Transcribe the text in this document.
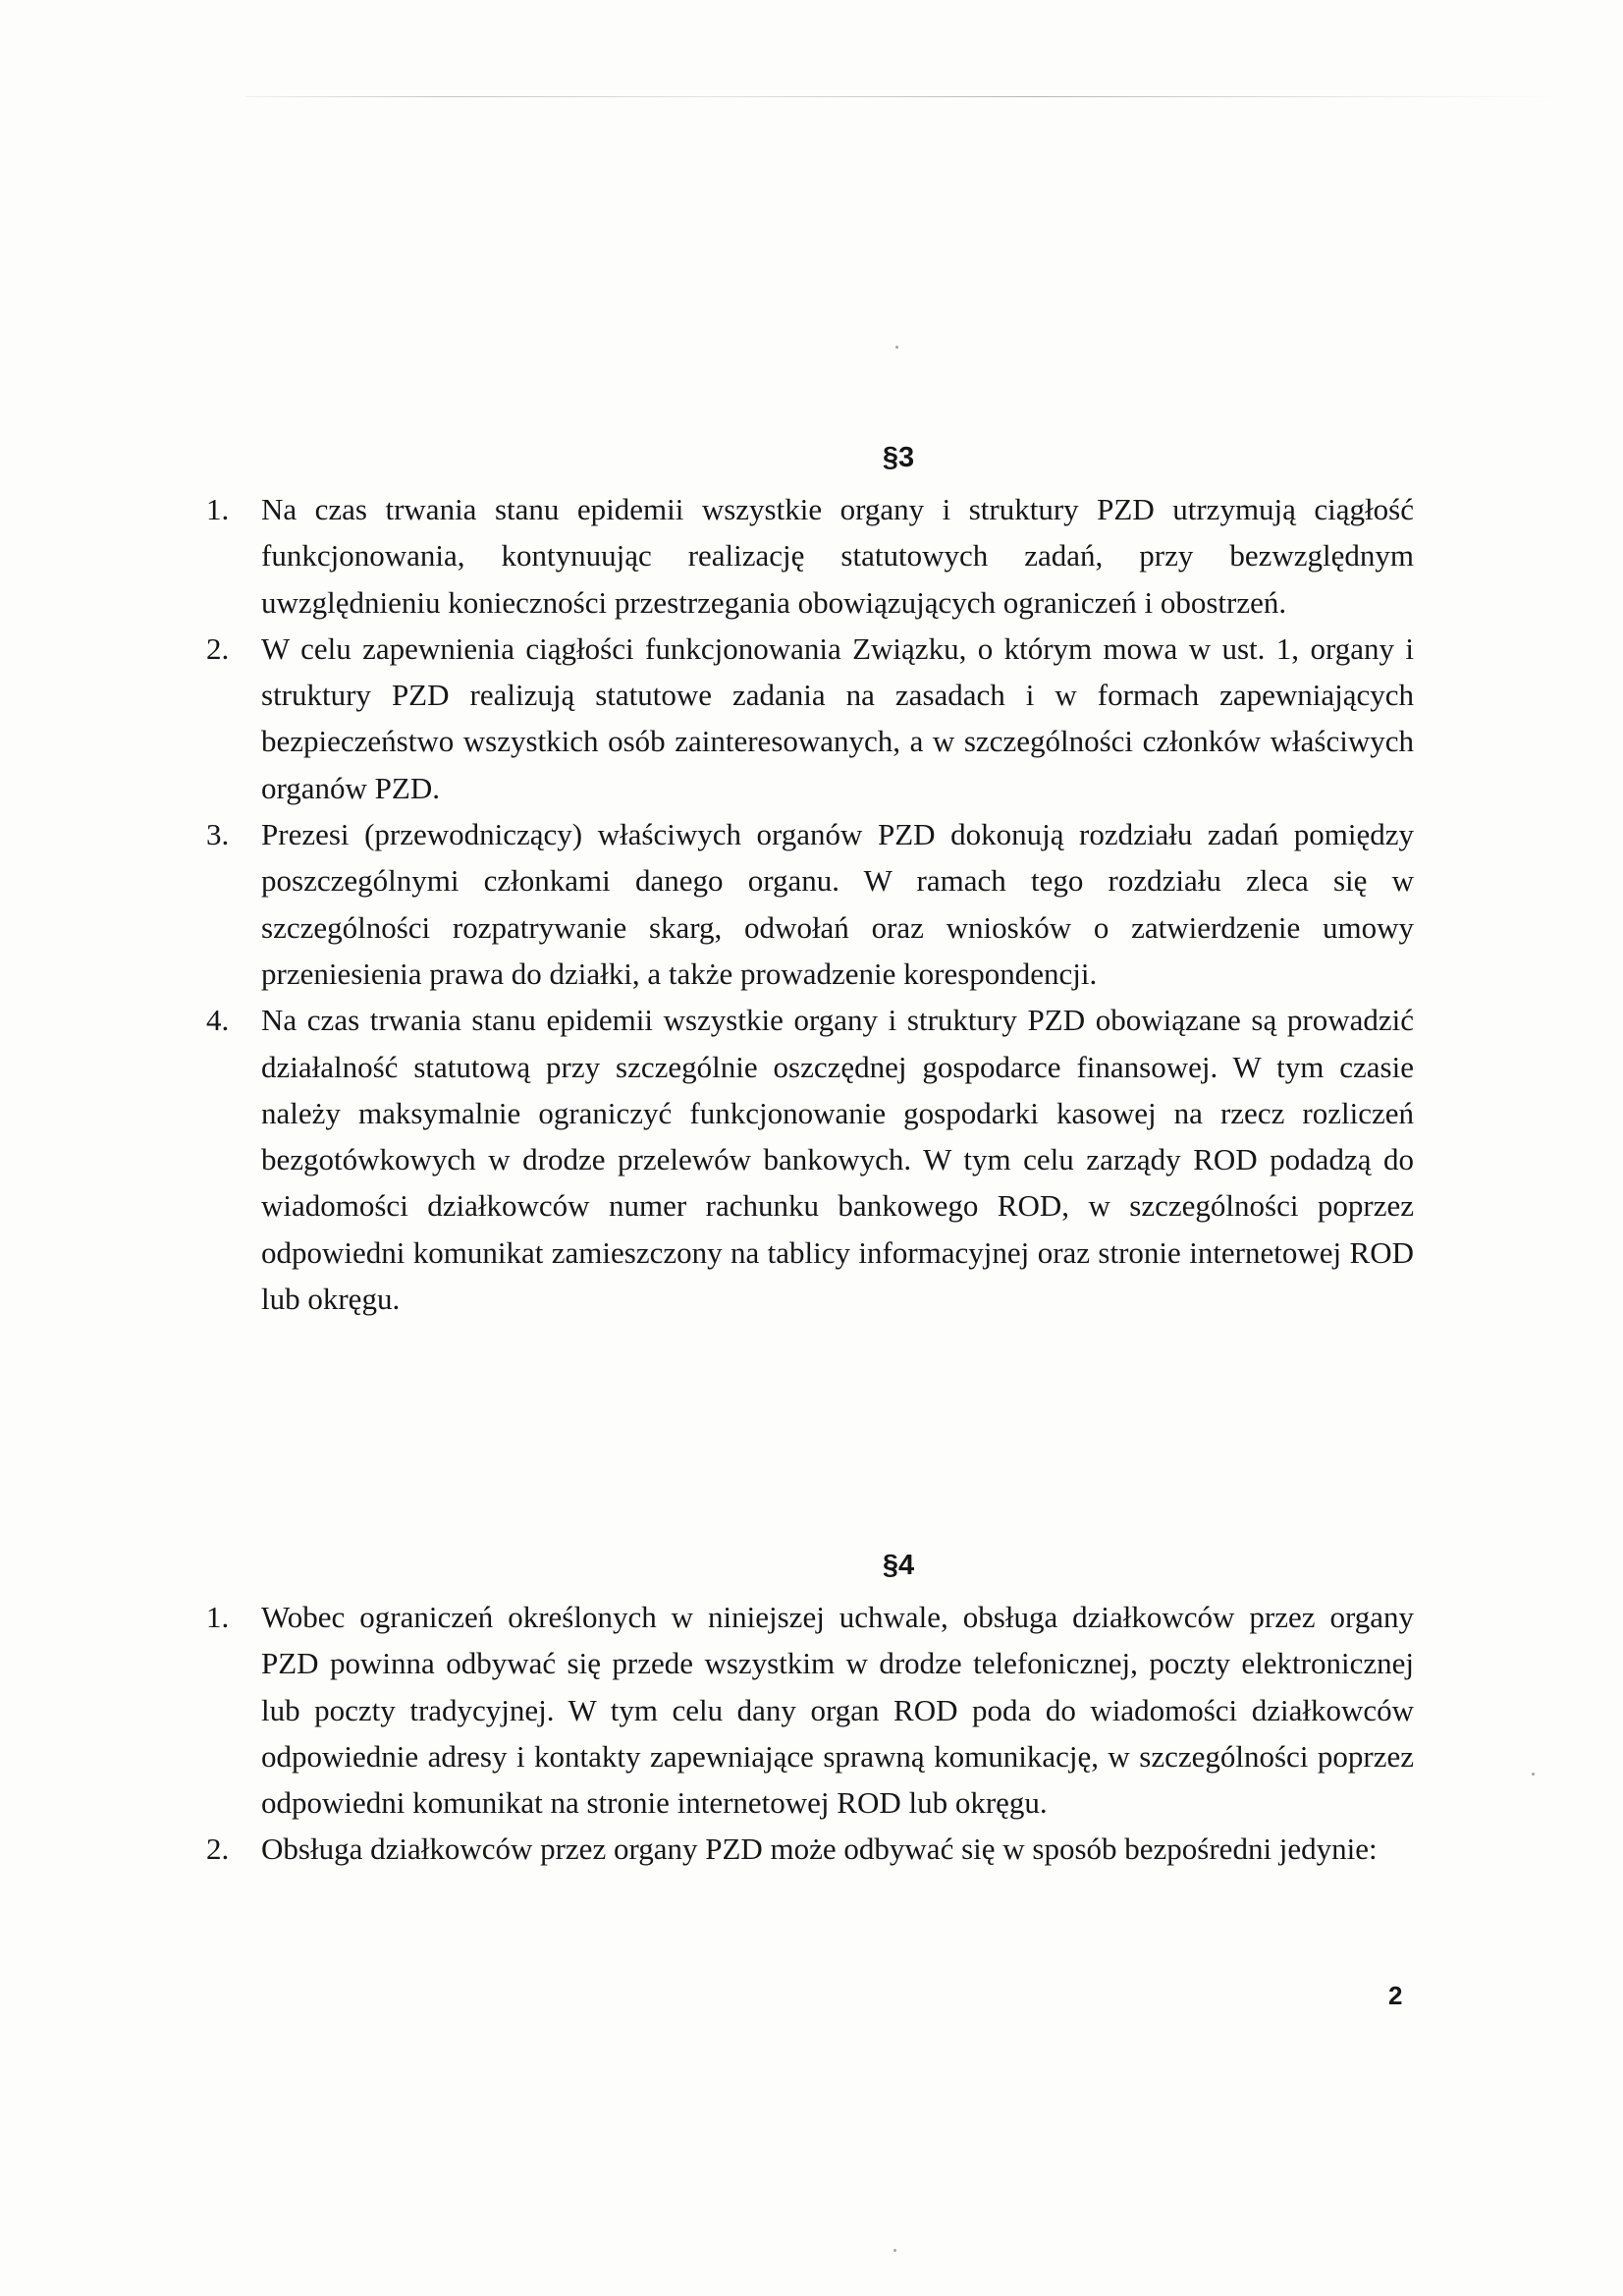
§3
1. Na czas trwania stanu epidemii wszystkie organy i struktury PZD utrzymują ciągłość funkcjonowania, kontynuując realizację statutowych zadań, przy bezwzględnym uwzględnieniu konieczności przestrzegania obowiązujących ograniczeń i obostrzeń.
2. W celu zapewnienia ciągłości funkcjonowania Związku, o którym mowa w ust. 1, organy i struktury PZD realizują statutowe zadania na zasadach i w formach zapewniających bezpieczeństwo wszystkich osób zainteresowanych, a w szczególności członków właściwych organów PZD.
3. Prezesi (przewodniczący) właściwych organów PZD dokonują rozdziału zadań pomiędzy poszczególnymi członkami danego organu. W ramach tego rozdziału zleca się w szczególności rozpatrywanie skarg, odwołań oraz wniosków o zatwierdzenie umowy przeniesienia prawa do działki, a także prowadzenie korespondencji.
4. Na czas trwania stanu epidemii wszystkie organy i struktury PZD obowiązane są prowadzić działalność statutową przy szczególnie oszczędnej gospodarce finansowej. W tym czasie należy maksymalnie ograniczyć funkcjonowanie gospodarki kasowej na rzecz rozliczeń bezgotówkowych w drodze przelewów bankowych. W tym celu zarządy ROD podadzą do wiadomości działkowców numer rachunku bankowego ROD, w szczególności poprzez odpowiedni komunikat zamieszczony na tablicy informacyjnej oraz stronie internetowej ROD lub okręgu.
§4
1. Wobec ograniczeń określonych w niniejszej uchwale, obsługa działkowców przez organy PZD powinna odbywać się przede wszystkim w drodze telefonicznej, poczty elektronicznej lub poczty tradycyjnej. W tym celu dany organ ROD poda do wiadomości działkowców odpowiednie adresy i kontakty zapewniające sprawną komunikację, w szczególności poprzez odpowiedni komunikat na stronie internetowej ROD lub okręgu.
2. Obsługa działkowców przez organy PZD może odbywać się w sposób bezpośredni jedynie:
2
